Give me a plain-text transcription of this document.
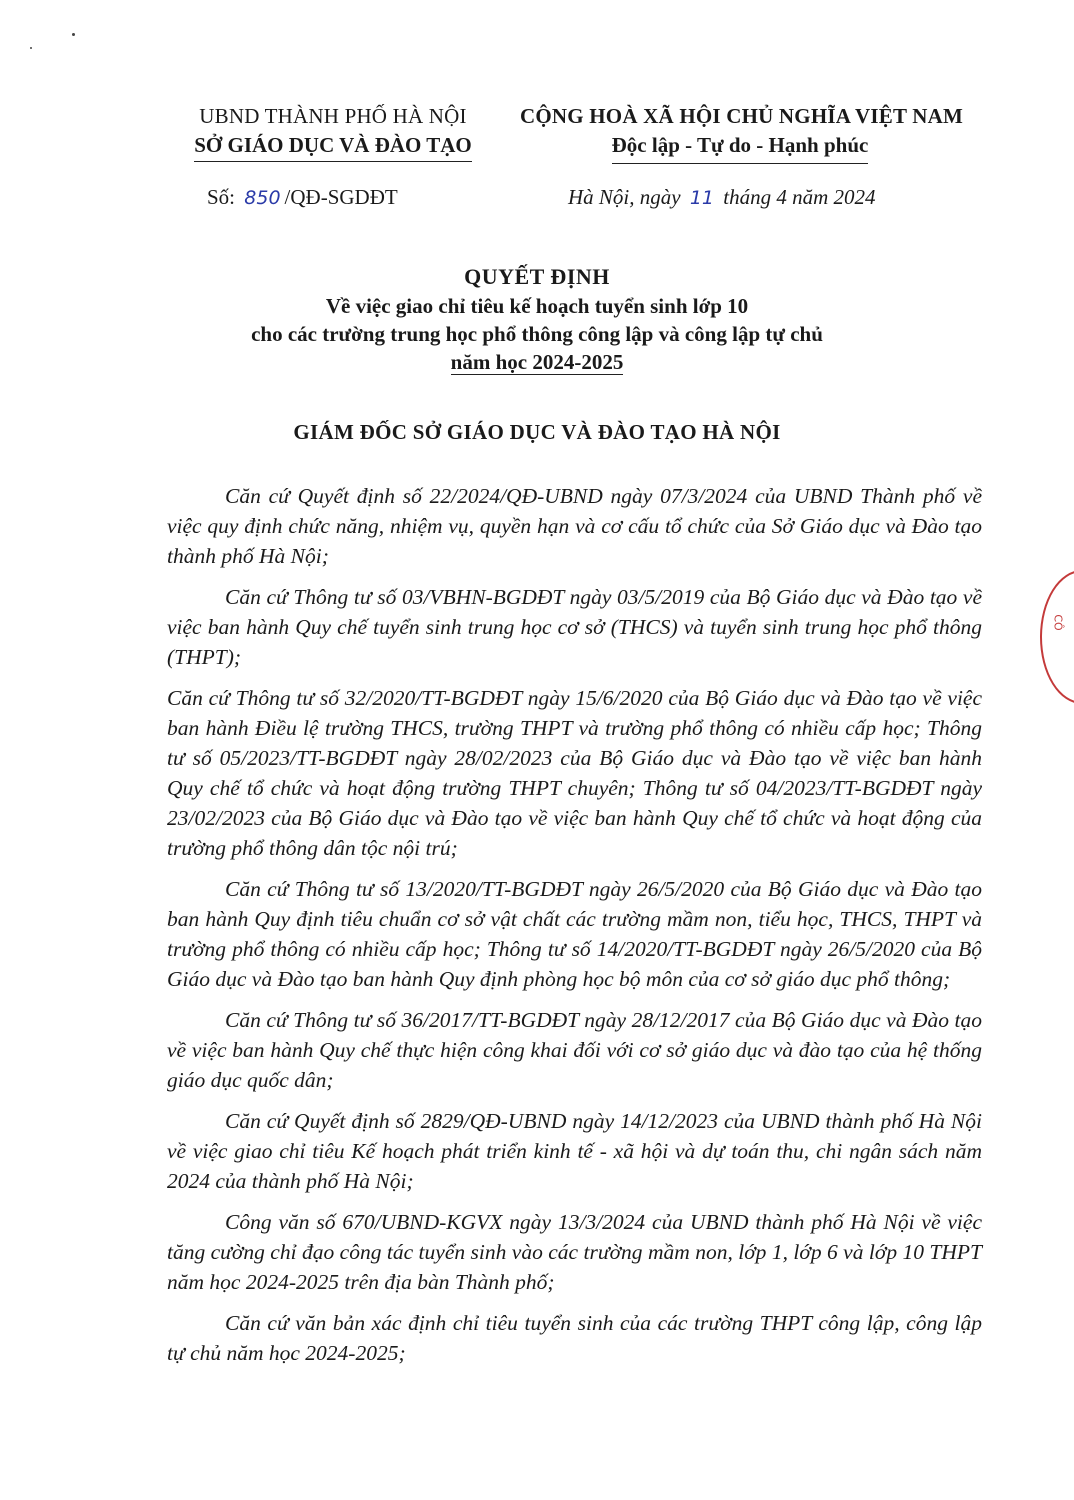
UBND THÀNH PHỐ HÀ NỘI
SỞ GIÁO DỤC VÀ ĐÀO TẠO
CỘNG HOÀ XÃ HỘI CHỦ NGHĨA VIỆT NAM
Độc lập - Tự do - Hạnh phúc
Số: 850 /QĐ-SGDĐT	Hà Nội, ngày 11 tháng 4 năm 2024
QUYẾT ĐỊNH
Về việc giao chỉ tiêu kế hoạch tuyển sinh lớp 10
cho các trường trung học phổ thông công lập và công lập tự chủ
năm học 2024-2025
GIÁM ĐỐC SỞ GIÁO DỤC VÀ ĐÀO TẠO HÀ NỘI

Căn cứ Quyết định số 22/2024/QĐ-UBND ngày 07/3/2024 của UBND Thành phố về việc quy định chức năng, nhiệm vụ, quyền hạn và cơ cấu tổ chức của Sở Giáo dục và Đào tạo thành phố Hà Nội;

Căn cứ Thông tư số 03/VBHN-BGDĐT ngày 03/5/2019 của Bộ Giáo dục và Đào tạo về việc ban hành Quy chế tuyển sinh trung học cơ sở (THCS) và tuyển sinh trung học phổ thông (THPT);

Căn cứ Thông tư số 32/2020/TT-BGDĐT ngày 15/6/2020 của Bộ Giáo dục và Đào tạo về việc ban hành Điều lệ trường THCS, trường THPT và trường phổ thông có nhiều cấp học; Thông tư số 05/2023/TT-BGDĐT ngày 28/02/2023 của Bộ Giáo dục và Đào tạo về việc ban hành Quy chế tổ chức và hoạt động trường THPT chuyên; Thông tư số 04/2023/TT-BGDĐT ngày 23/02/2023 của Bộ Giáo dục và Đào tạo về việc ban hành Quy chế tổ chức và hoạt động của trường phổ thông dân tộc nội trú;

Căn cứ Thông tư số 13/2020/TT-BGDĐT ngày 26/5/2020 của Bộ Giáo dục và Đào tạo ban hành Quy định tiêu chuẩn cơ sở vật chất các trường mầm non, tiểu học, THCS, THPT và trường phổ thông có nhiều cấp học; Thông tư số 14/2020/TT-BGDĐT ngày 26/5/2020 của Bộ Giáo dục và Đào tạo ban hành Quy định phòng học bộ môn của cơ sở giáo dục phổ thông;

Căn cứ Thông tư số 36/2017/TT-BGDĐT ngày 28/12/2017 của Bộ Giáo dục và Đào tạo về việc ban hành Quy chế thực hiện công khai đối với cơ sở giáo dục và đào tạo của hệ thống giáo dục quốc dân;

Căn cứ Quyết định số 2829/QĐ-UBND ngày 14/12/2023 của UBND thành phố Hà Nội về việc giao chỉ tiêu Kế hoạch phát triển kinh tế - xã hội và dự toán thu, chi ngân sách năm 2024 của thành phố Hà Nội;

Công văn số 670/UBND-KGVX ngày 13/3/2024 của UBND thành phố Hà Nội về việc tăng cường chỉ đạo công tác tuyển sinh vào các trường mầm non, lớp 1, lớp 6 và lớp 10 THPT năm học 2024-2025 trên địa bàn Thành phố;

Căn cứ văn bản xác định chỉ tiêu tuyển sinh của các trường THPT công lập, công lập tự chủ năm học 2024-2025;

CÔ
